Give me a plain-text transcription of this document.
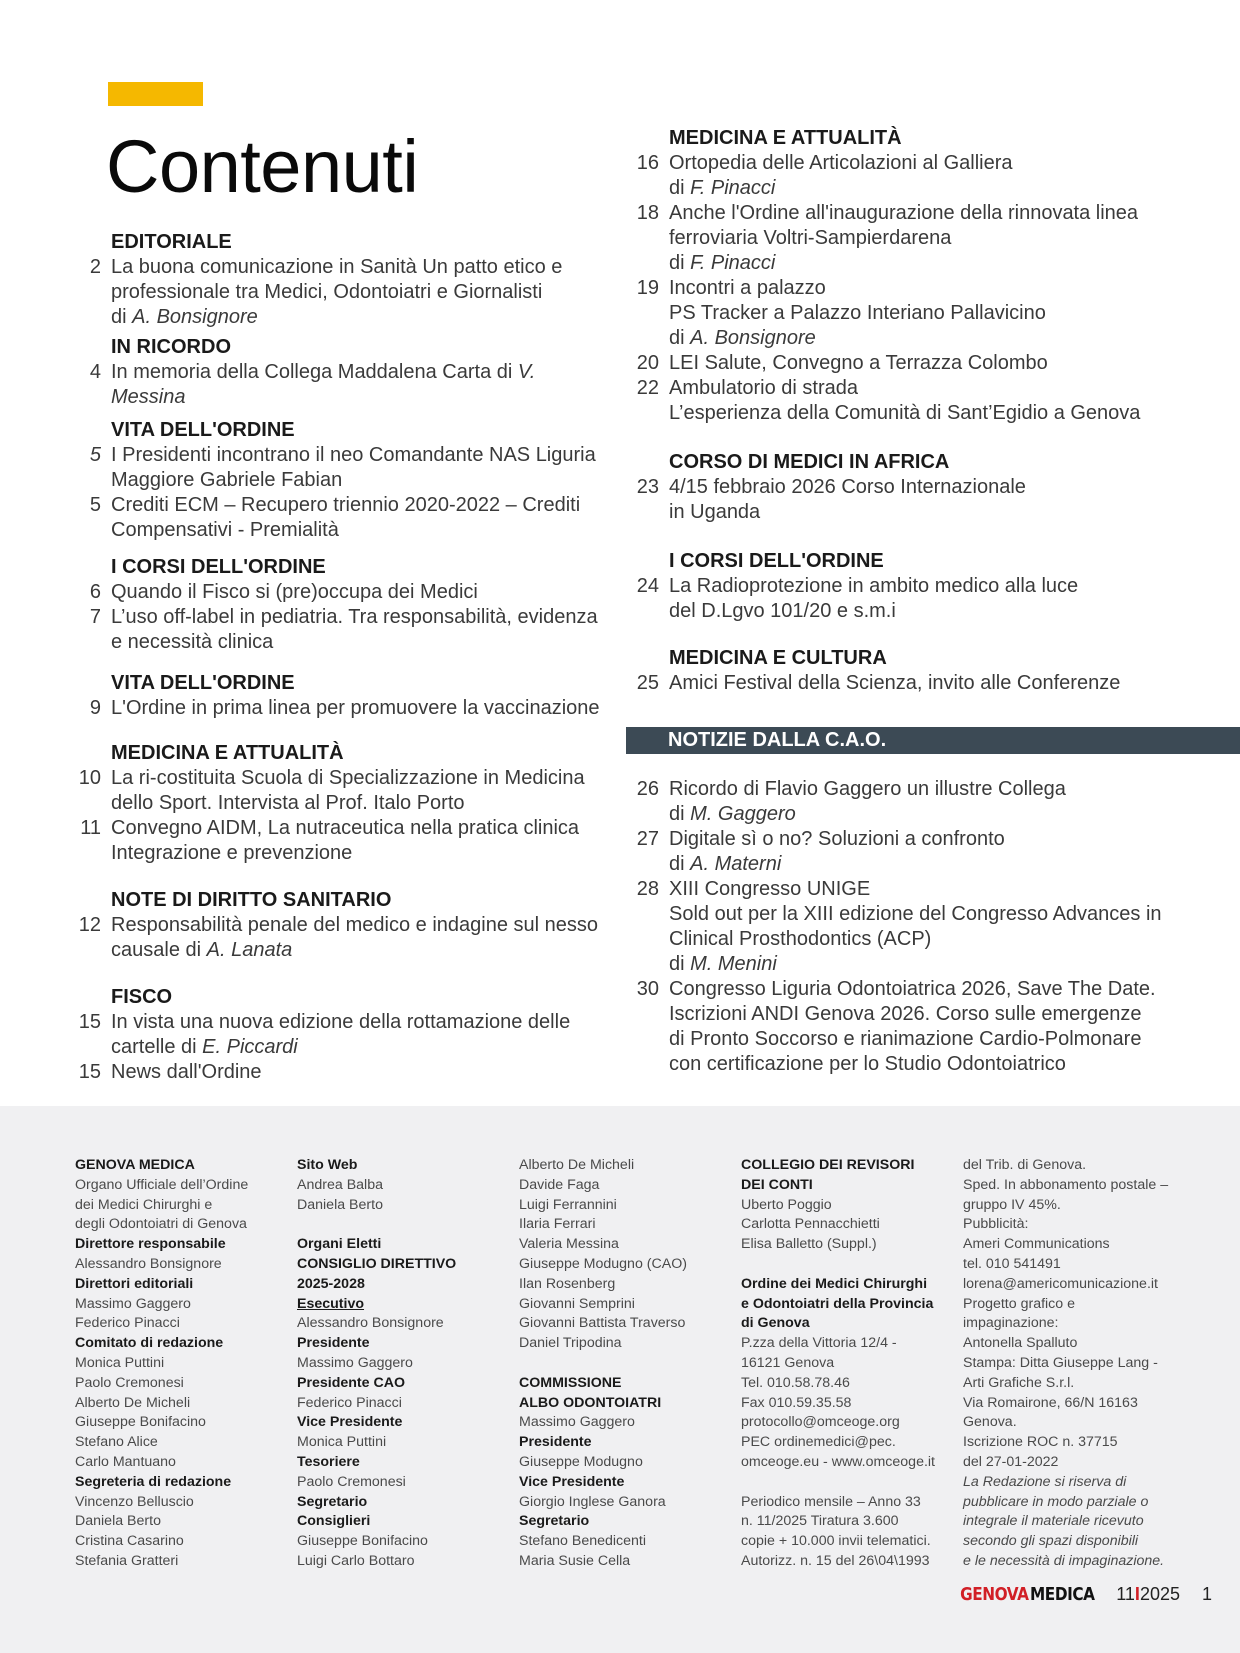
Contenuti
EDITORIALE
2 La buona comunicazione in Sanità Un patto etico e
professionale tra Medici, Odontoiatri e Giornalisti
di A. Bonsignore
IN RICORDO
4 In memoria della Collega Maddalena Carta di V. Messina
VITA DELL'ORDINE
5 I Presidenti incontrano il neo Comandante NAS Liguria
Maggiore Gabriele Fabian
5 Crediti ECM – Recupero triennio 2020-2022 – Crediti
Compensativi - Premialità
I CORSI DELL'ORDINE
6 Quando il Fisco si (pre)occupa dei Medici
7 L’uso off-label in pediatria. Tra responsabilità, evidenza
e necessità clinica
VITA DELL'ORDINE
9 L'Ordine in prima linea per promuovere la vaccinazione
MEDICINA E ATTUALITÀ
10 La ri-costituita Scuola di Specializzazione in Medicina
dello Sport. Intervista al Prof. Italo Porto
11 Convegno AIDM, La nutraceutica nella pratica clinica
Integrazione e prevenzione
NOTE DI DIRITTO SANITARIO
12 Responsabilità penale del medico e indagine sul nesso
causale di A. Lanata
FISCO
15 In vista una nuova edizione della rottamazione delle
cartelle di E. Piccardi
15 News dall'Ordine
MEDICINA E ATTUALITÀ
16 Ortopedia delle Articolazioni al Galliera
di F. Pinacci
18 Anche l'Ordine all'inaugurazione della rinnovata linea
ferroviaria Voltri-Sampierdarena
di F. Pinacci
19 Incontri a palazzo
PS Tracker a Palazzo Interiano Pallavicino
di A. Bonsignore
20 LEI Salute, Convegno a Terrazza Colombo
22 Ambulatorio di strada
L’esperienza della Comunità di Sant’Egidio a Genova
CORSO DI MEDICI IN AFRICA
23 4/15 febbraio 2026 Corso Internazionale
in Uganda
I CORSI DELL'ORDINE
24 La Radioprotezione in ambito medico alla luce
del D.Lgvo 101/20 e s.m.i
MEDICINA E CULTURA
25 Amici Festival della Scienza, invito alle Conferenze
NOTIZIE DALLA C.A.O.
26 Ricordo di Flavio Gaggero un illustre Collega
di M. Gaggero
27 Digitale sì o no? Soluzioni a confronto
di A. Materni
28 XIII Congresso UNIGE
Sold out per la XIII edizione del Congresso Advances in
Clinical Prosthodontics (ACP)
di M. Menini
30 Congresso Liguria Odontoiatrica 2026, Save The Date.
Iscrizioni ANDI Genova 2026. Corso sulle emergenze
di Pronto Soccorso e rianimazione Cardio-Polmonare
con certificazione per lo Studio Odontoiatrico
GENOVA MEDICA
Organo Ufficiale dell’Ordine
dei Medici Chirurghi e
degli Odontoiatri di Genova
Direttore responsabile
Alessandro Bonsignore
Direttori editoriali
Massimo Gaggero
Federico Pinacci
Comitato di redazione
Monica Puttini
Paolo Cremonesi
Alberto De Micheli
Giuseppe Bonifacino
Stefano Alice
Carlo Mantuano
Segreteria di redazione
Vincenzo Belluscio
Daniela Berto
Cristina Casarino
Stefania Gratteri
Sito Web
Andrea Balba
Daniela Berto
Organi Eletti
CONSIGLIO DIRETTIVO
2025-2028
Esecutivo
Alessandro Bonsignore
Presidente
Massimo Gaggero
Presidente CAO
Federico Pinacci
Vice Presidente
Monica Puttini
Tesoriere
Paolo Cremonesi
Segretario
Consiglieri
Giuseppe Bonifacino
Luigi Carlo Bottaro
Alberto De Micheli
Davide Faga
Luigi Ferrannini
Ilaria Ferrari
Valeria Messina
Giuseppe Modugno (CAO)
Ilan Rosenberg
Giovanni Semprini
Giovanni Battista Traverso
Daniel Tripodina
COMMISSIONE
ALBO ODONTOIATRI
Massimo Gaggero
Presidente
Giuseppe Modugno
Vice Presidente
Giorgio Inglese Ganora
Segretario
Stefano Benedicenti
Maria Susie Cella
COLLEGIO DEI REVISORI
DEI CONTI
Uberto Poggio
Carlotta Pennacchietti
Elisa Balletto (Suppl.)
Ordine dei Medici Chirurghi
e Odontoiatri della Provincia
di Genova
P.zza della Vittoria 12/4 -
16121 Genova
Tel. 010.58.78.46
Fax 010.59.35.58
protocollo@omceoge.org
PEC ordinemedici@pec.
omceoge.eu - www.omceoge.it
Periodico mensile – Anno 33
n. 11/2025 Tiratura 3.600
copie + 10.000 invii telematici.
Autorizz. n. 15 del 26\04\1993
del Trib. di Genova.
Sped. In abbonamento postale –
gruppo IV 45%.
Pubblicità:
Ameri Communications
tel. 010 541491
lorena@americomunicazione.it
Progetto grafico e
impaginazione:
Antonella Spalluto
Stampa: Ditta Giuseppe Lang -
Arti Grafiche S.r.l.
Via Romairone, 66/N 16163
Genova.
Iscrizione ROC n. 37715
del 27-01-2022
La Redazione si riserva di
pubblicare in modo parziale o
integrale il materiale ricevuto
secondo gli spazi disponibili
e le necessità di impaginazione.
GENOVA MEDICA 11I2025 1
